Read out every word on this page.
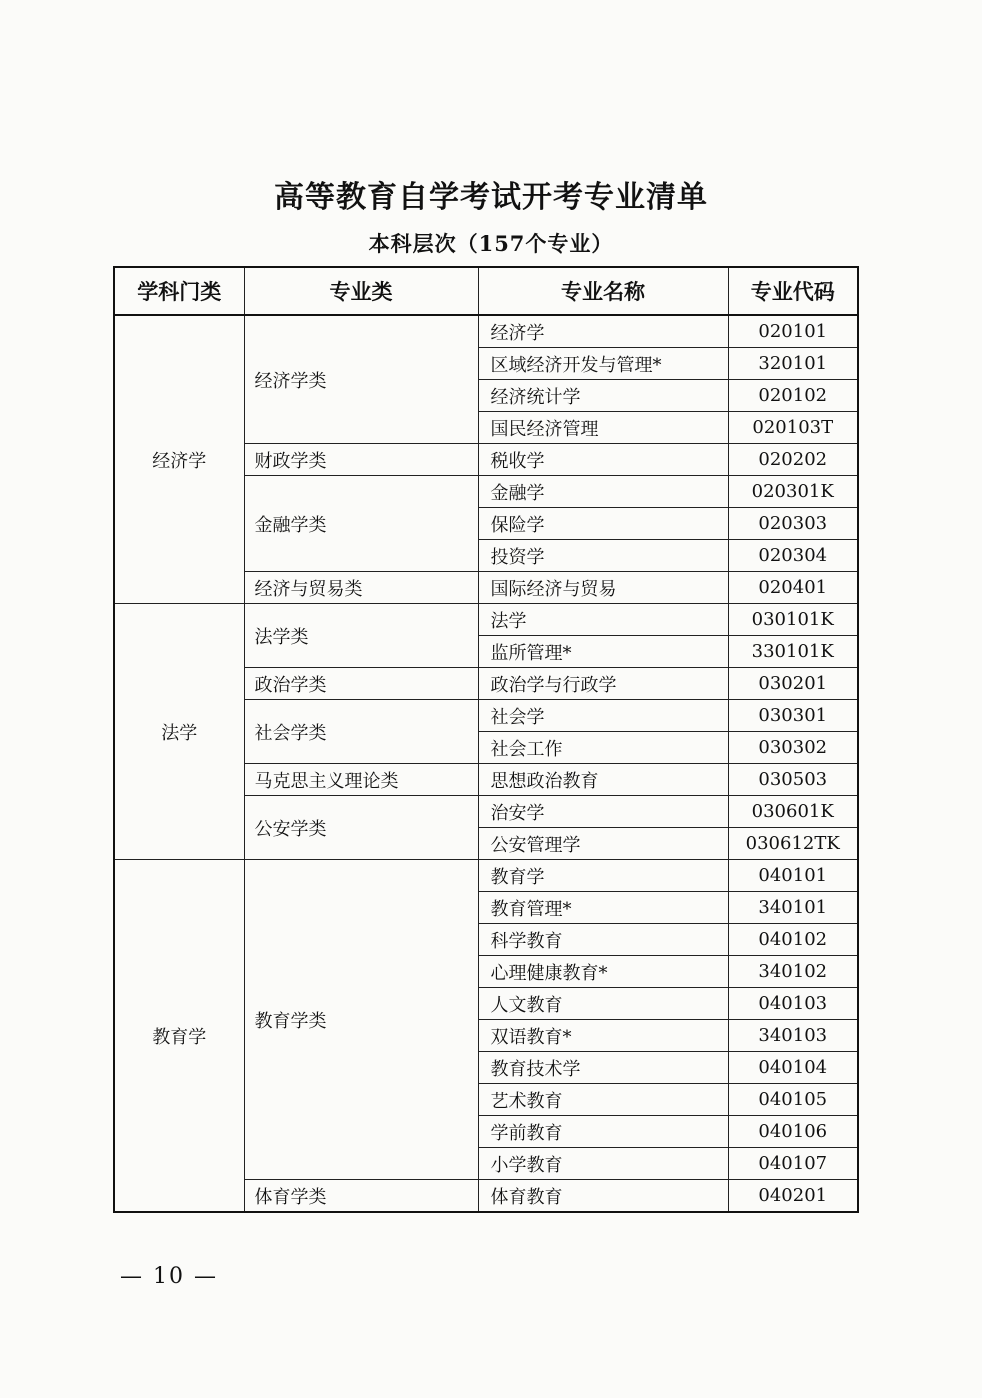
高等教育自学考试开考专业清单
本科层次（157个专业）
学科门类	专业类	专业名称	专业代码
经济学	经济学类	经济学	020101
		区域经济开发与管理*	320101
		经济统计学	020102
		国民经济管理	020103T
	财政学类	税收学	020202
	金融学类	金融学	020301K
		保险学	020303
		投资学	020304
	经济与贸易类	国际经济与贸易	020401
法学	法学类	法学	030101K
		监所管理*	330101K
	政治学类	政治学与行政学	030201
	社会学类	社会学	030301
		社会工作	030302
	马克思主义理论类	思想政治教育	030503
	公安学类	治安学	030601K
		公安管理学	030612TK
教育学	教育学类	教育学	040101
		教育管理*	340101
		科学教育	040102
		心理健康教育*	340102
		人文教育	040103
		双语教育*	340103
		教育技术学	040104
		艺术教育	040105
		学前教育	040106
		小学教育	040107
	体育学类	体育教育	040201
— 10 —
